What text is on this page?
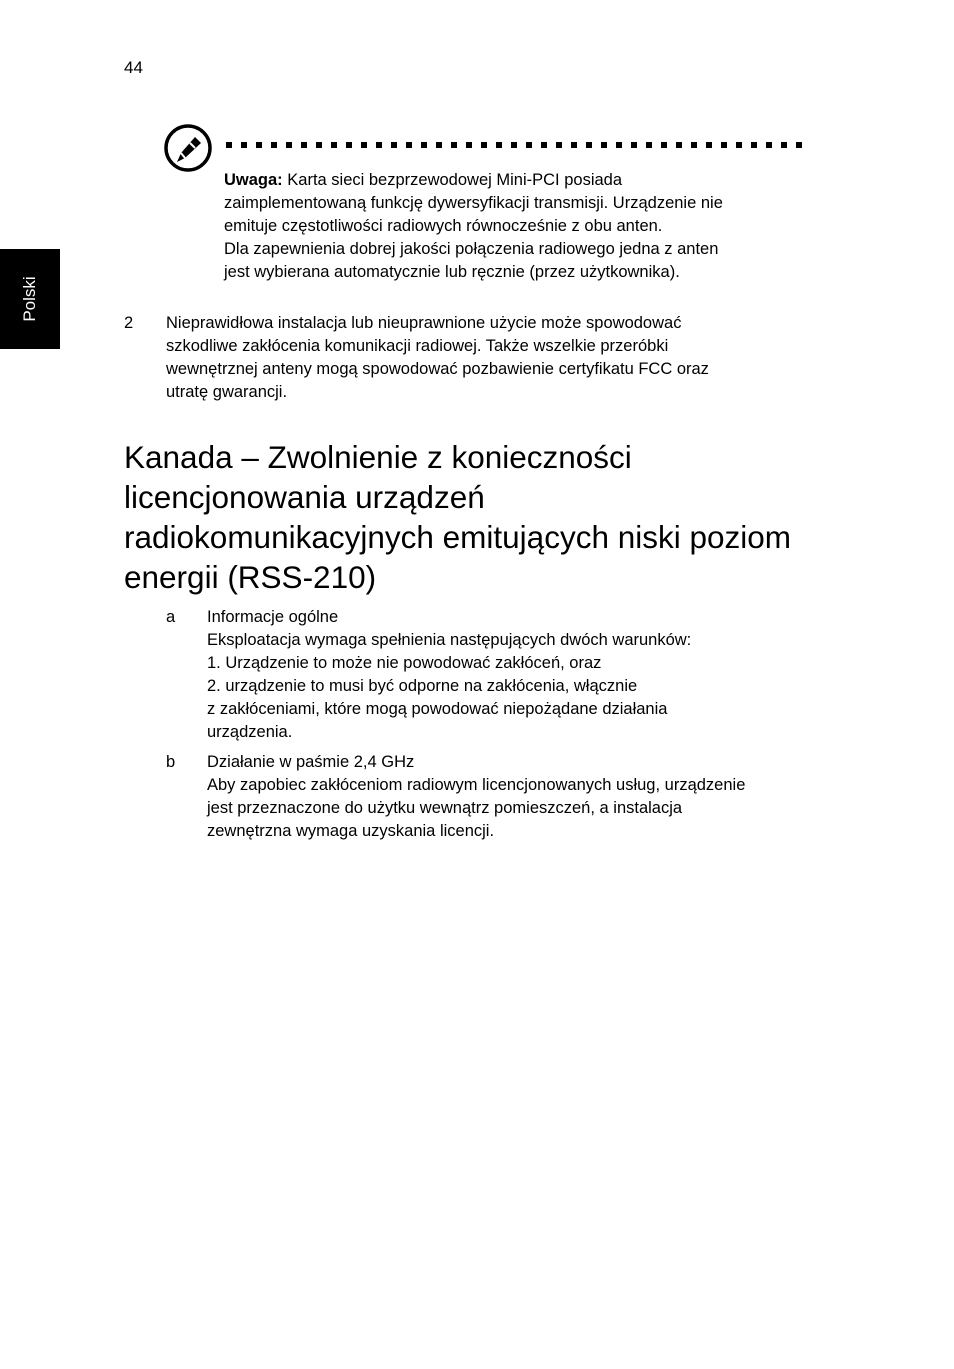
44
Polski

Uwaga: Karta sieci bezprzewodowej Mini-PCI posiada

zaimplementowaną funkcję dywersyfikacji transmisji. Urządzenie nie

emituje częstotliwości radiowych równocześnie z obu anten.

Dla zapewnienia dobrej jakości połączenia radiowego jedna z anten

jest wybierana automatycznie lub ręcznie (przez użytkownika).

2 Nieprawidłowa instalacja lub nieuprawnione użycie może spowodować
szkodliwe zakłócenia komunikacji radiowej. Także wszelkie przeróbki
wewnętrznej anteny mogą spowodować pozbawienie certyfikatu FCC oraz
utratę gwarancji.
Kanada – Zwolnienie z konieczności
licencjonowania urządzeń
radiokomunikacyjnych emitujących niski poziom
energii (RSS-210)
a Informacje ogólne
Eksploatacja wymaga spełnienia następujących dwóch warunków:
1. Urządzenie to może nie powodować zakłóceń, oraz
2. urządzenie to musi być odporne na zakłócenia, włącznie
z zakłóceniami, które mogą powodować niepożądane działania
urządzenia.
b Działanie w paśmie 2,4 GHz
Aby zapobiec zakłóceniom radiowym licencjonowanych usług, urządzenie
jest przeznaczone do użytku wewnątrz pomieszczeń, a instalacja
zewnętrzna wymaga uzyskania licencji.
